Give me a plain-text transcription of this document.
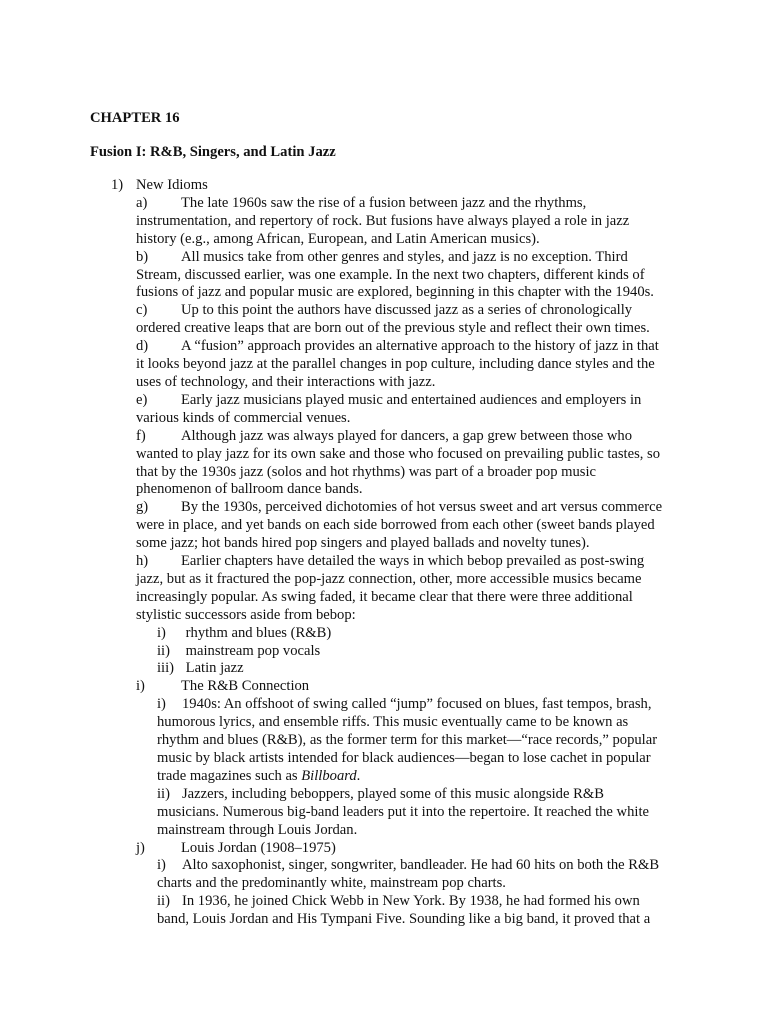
CHAPTER 16
Fusion I: R&B, Singers, and Latin Jazz
1) New Idioms
a) The late 1960s saw the rise of a fusion between jazz and the rhythms,
instrumentation, and repertory of rock. But fusions have always played a role in jazz
history (e.g., among African, European, and Latin American musics).
b) All musics take from other genres and styles, and jazz is no exception. Third
Stream, discussed earlier, was one example. In the next two chapters, different kinds of
fusions of jazz and popular music are explored, beginning in this chapter with the 1940s.
c) Up to this point the authors have discussed jazz as a series of chronologically
ordered creative leaps that are born out of the previous style and reflect their own times.
d) A “fusion” approach provides an alternative approach to the history of jazz in that
it looks beyond jazz at the parallel changes in pop culture, including dance styles and the
uses of technology, and their interactions with jazz.
e) Early jazz musicians played music and entertained audiences and employers in
various kinds of commercial venues.
f) Although jazz was always played for dancers, a gap grew between those who
wanted to play jazz for its own sake and those who focused on prevailing public tastes, so
that by the 1930s jazz (solos and hot rhythms) was part of a broader pop music
phenomenon of ballroom dance bands.
g) By the 1930s, perceived dichotomies of hot versus sweet and art versus commerce
were in place, and yet bands on each side borrowed from each other (sweet bands played
some jazz; hot bands hired pop singers and played ballads and novelty tunes).
h) Earlier chapters have detailed the ways in which bebop prevailed as post-swing
jazz, but as it fractured the pop-jazz connection, other, more accessible musics became
increasingly popular. As swing faded, it became clear that there were three additional
stylistic successors aside from bebop:
i) rhythm and blues (R&B)
ii) mainstream pop vocals
iii) Latin jazz
i) The R&B Connection
i) 1940s: An offshoot of swing called “jump” focused on blues, fast tempos, brash,
humorous lyrics, and ensemble riffs. This music eventually came to be known as
rhythm and blues (R&B), as the former term for this market—“race records,” popular
music by black artists intended for black audiences—began to lose cachet in popular
trade magazines such as Billboard.
ii) Jazzers, including beboppers, played some of this music alongside R&B
musicians. Numerous big-band leaders put it into the repertoire. It reached the white
mainstream through Louis Jordan.
j) Louis Jordan (1908–1975)
i) Alto saxophonist, singer, songwriter, bandleader. He had 60 hits on both the R&B
charts and the predominantly white, mainstream pop charts.
ii) In 1936, he joined Chick Webb in New York. By 1938, he had formed his own
band, Louis Jordan and His Tympani Five. Sounding like a big band, it proved that a
